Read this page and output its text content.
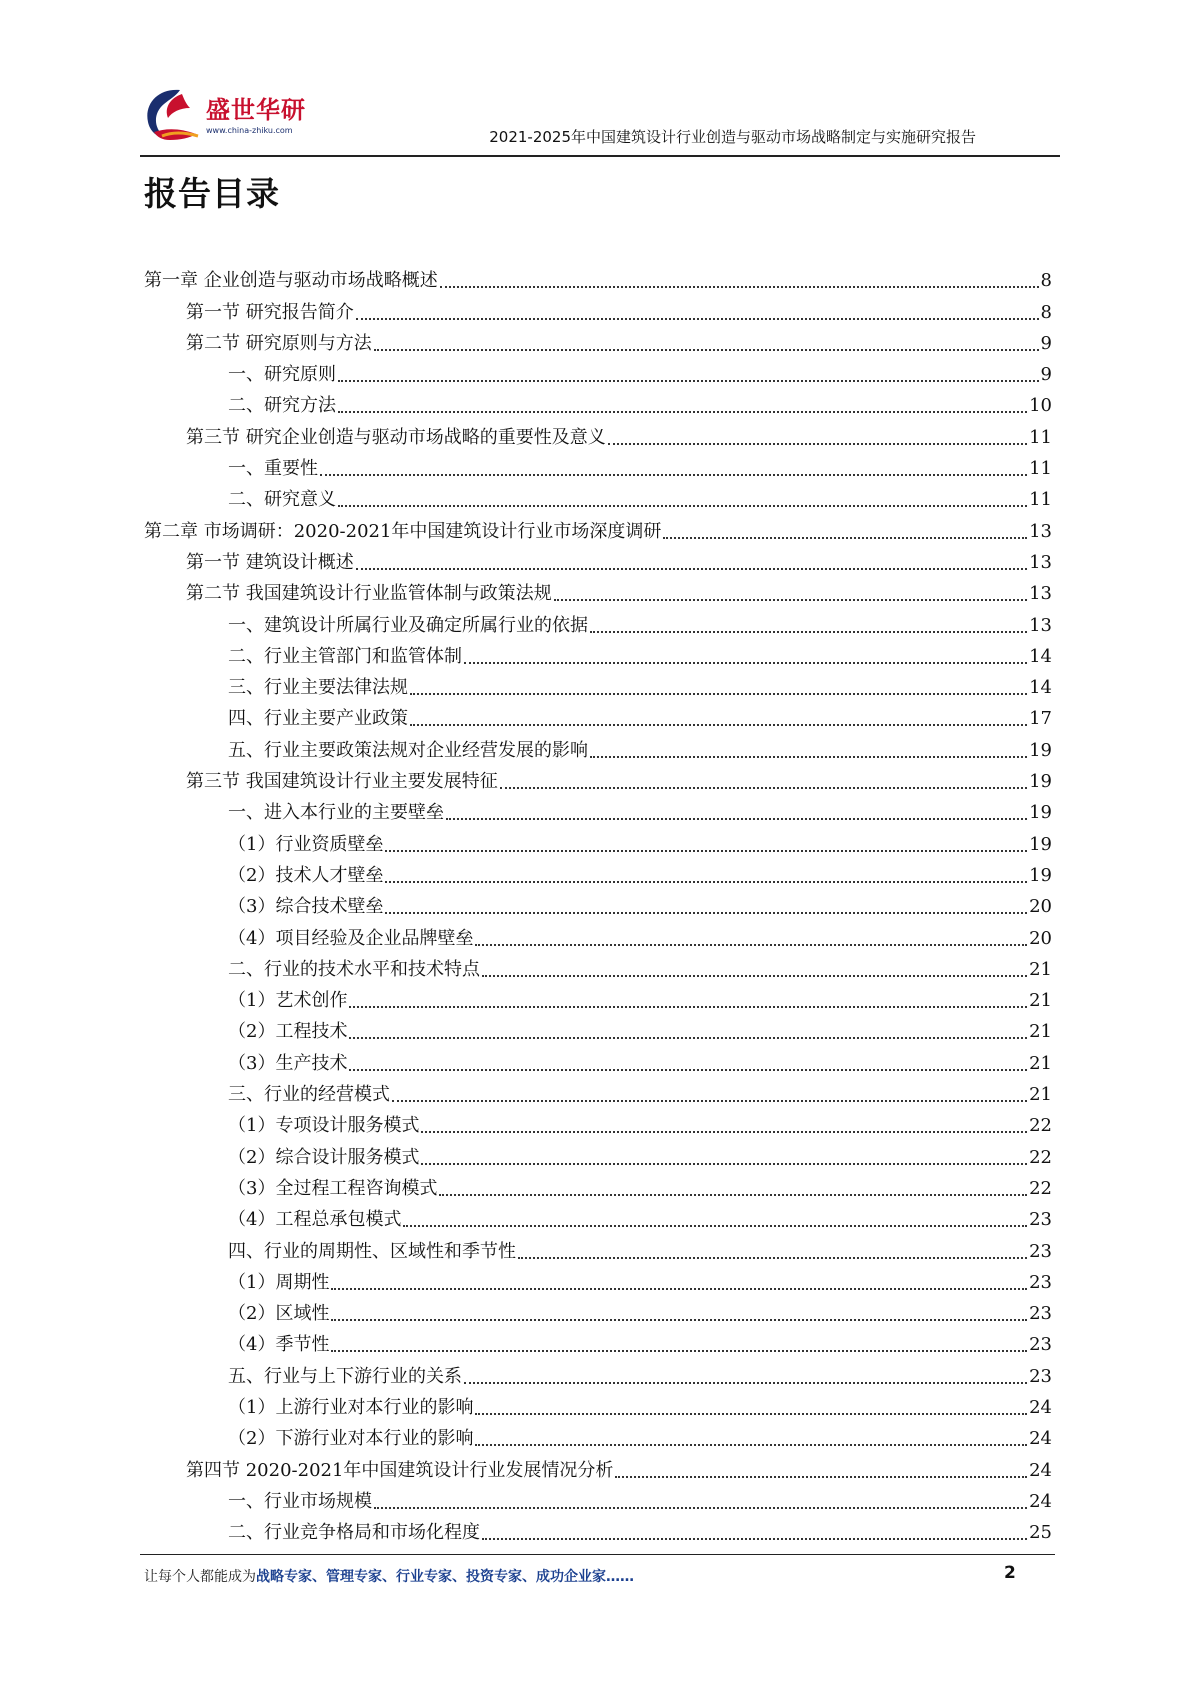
盛世华研
www.china-zhiku.com	2021-2025年中国建筑设计行业创造与驱动市场战略制定与实施研究报告
报告目录
第一章 企业创造与驱动市场战略概述	8
第一节 研究报告简介	8
第二节 研究原则与方法	9
一、研究原则	9
二、研究方法	10
第三节 研究企业创造与驱动市场战略的重要性及意义	11
一、重要性	11
二、研究意义	11
第二章 市场调研：2020-2021年中国建筑设计行业市场深度调研	13
第一节 建筑设计概述	13
第二节 我国建筑设计行业监管体制与政策法规	13
一、建筑设计所属行业及确定所属行业的依据	13
二、行业主管部门和监管体制	14
三、行业主要法律法规	14
四、行业主要产业政策	17
五、行业主要政策法规对企业经营发展的影响	19
第三节 我国建筑设计行业主要发展特征	19
一、进入本行业的主要壁垒	19
（1）行业资质壁垒	19
（2）技术人才壁垒	19
（3）综合技术壁垒	20
（4）项目经验及企业品牌壁垒	20
二、行业的技术水平和技术特点	21
（1）艺术创作	21
（2）工程技术	21
（3）生产技术	21
三、行业的经营模式	21
（1）专项设计服务模式	22
（2）综合设计服务模式	22
（3）全过程工程咨询模式	22
（4）工程总承包模式	23
四、行业的周期性、区域性和季节性	23
（1）周期性	23
（2）区域性	23
（4）季节性	23
五、行业与上下游行业的关系	23
（1）上游行业对本行业的影响	24
（2）下游行业对本行业的影响	24
第四节 2020-2021年中国建筑设计行业发展情况分析	24
一、行业市场规模	24
二、行业竞争格局和市场化程度	25
让每个人都能成为战略专家、管理专家、行业专家、投资专家、成功企业家……	2
